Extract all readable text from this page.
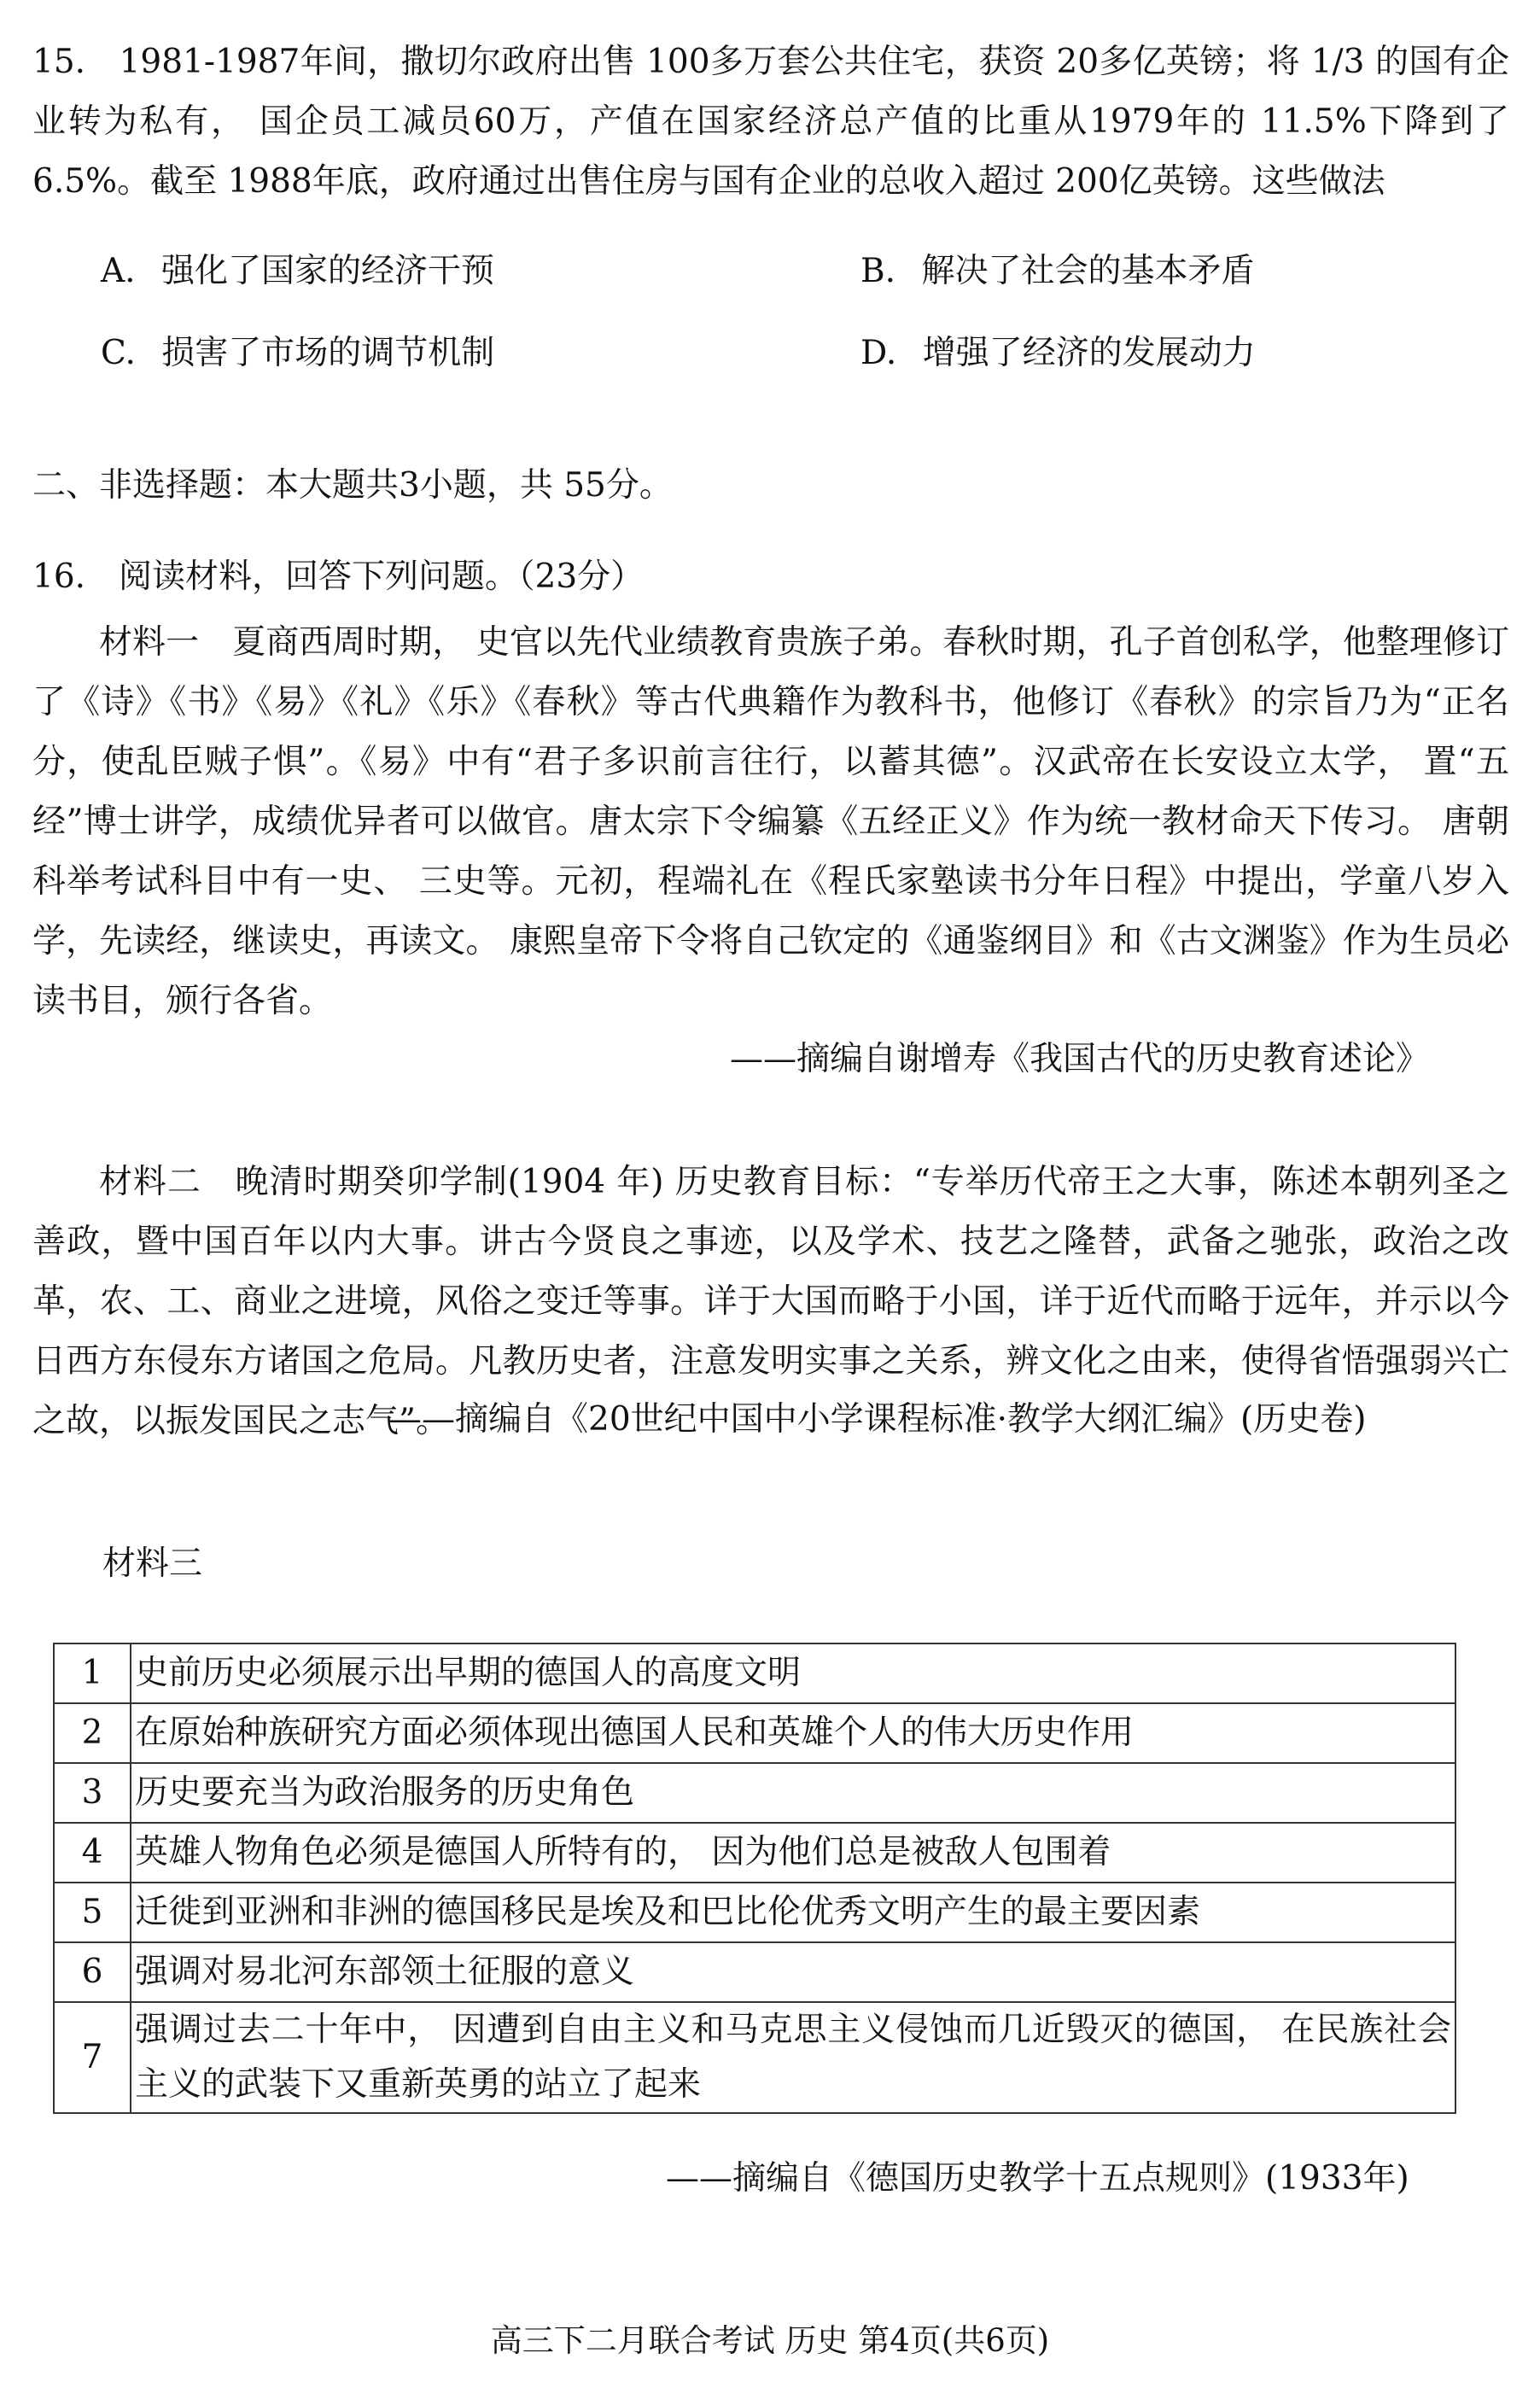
15.　1981-1987年间，撒切尔政府出售 100多万套公共住宅，获资 20多亿英镑；将 1/3 的国有企业转为私有， 国企员工减员60万，产值在国家经济总产值的比重从1979年的 11.5%下降到了 6.5%。截至 1988年底，政府通过出售住房与国有企业的总收入超过 200亿英镑。这些做法
A. 强化了国家的经济干预	B. 解决了社会的基本矛盾
C. 损害了市场的调节机制	D. 增强了经济的发展动力
二、非选择题：本大题共3小题，共 55分。
16.　阅读材料，回答下列问题。（23分）
材料一　夏商西周时期， 史官以先代业绩教育贵族子弟。春秋时期，孔子首创私学，他整理修订了《诗》《书》《易》《礼》《乐》《春秋》等古代典籍作为教科书，他修订《春秋》的宗旨乃为“正名分，使乱臣贼子惧”。《易》中有“君子多识前言往行，以蓄其德”。汉武帝在长安设立太学， 置“五经”博士讲学，成绩优异者可以做官。唐太宗下令编纂《五经正义》作为统一教材命天下传习。 唐朝科举考试科目中有一史、 三史等。元初，程端礼在《程氏家塾读书分年日程》中提出，学童八岁入学，先读经，继读史，再读文。 康熙皇帝下令将自己钦定的《通鉴纲目》和《古文渊鉴》作为生员必读书目，颁行各省。
——摘编自谢增寿《我国古代的历史教育述论》
材料二　晚清时期癸卯学制(1904 年) 历史教育目标：“专举历代帝王之大事，陈述本朝列圣之善政，暨中国百年以内大事。讲古今贤良之事迹，以及学术、技艺之隆替，武备之驰张，政治之改革，农、工、商业之进境，风俗之变迁等事。详于大国而略于小国，详于近代而略于远年，并示以今日西方东侵东方诸国之危局。凡教历史者，注意发明实事之关系，辨文化之由来，使得省悟强弱兴亡之故，以振发国民之志气”。
——摘编自《20世纪中国中小学课程标准·教学大纲汇编》(历史卷)
材料三
1	史前历史必须展示出早期的德国人的高度文明
2	在原始种族研究方面必须体现出德国人民和英雄个人的伟大历史作用
3	历史要充当为政治服务的历史角色
4	英雄人物角色必须是德国人所特有的， 因为他们总是被敌人包围着
5	迁徙到亚洲和非洲的德国移民是埃及和巴比伦优秀文明产生的最主要因素
6	强调对易北河东部领土征服的意义
7	强调过去二十年中， 因遭到自由主义和马克思主义侵蚀而几近毁灭的德国， 在民族社会主义的武装下又重新英勇的站立了起来
——摘编自《德国历史教学十五点规则》(1933年)
高三下二月联合考试 历史 第4页(共6页)
